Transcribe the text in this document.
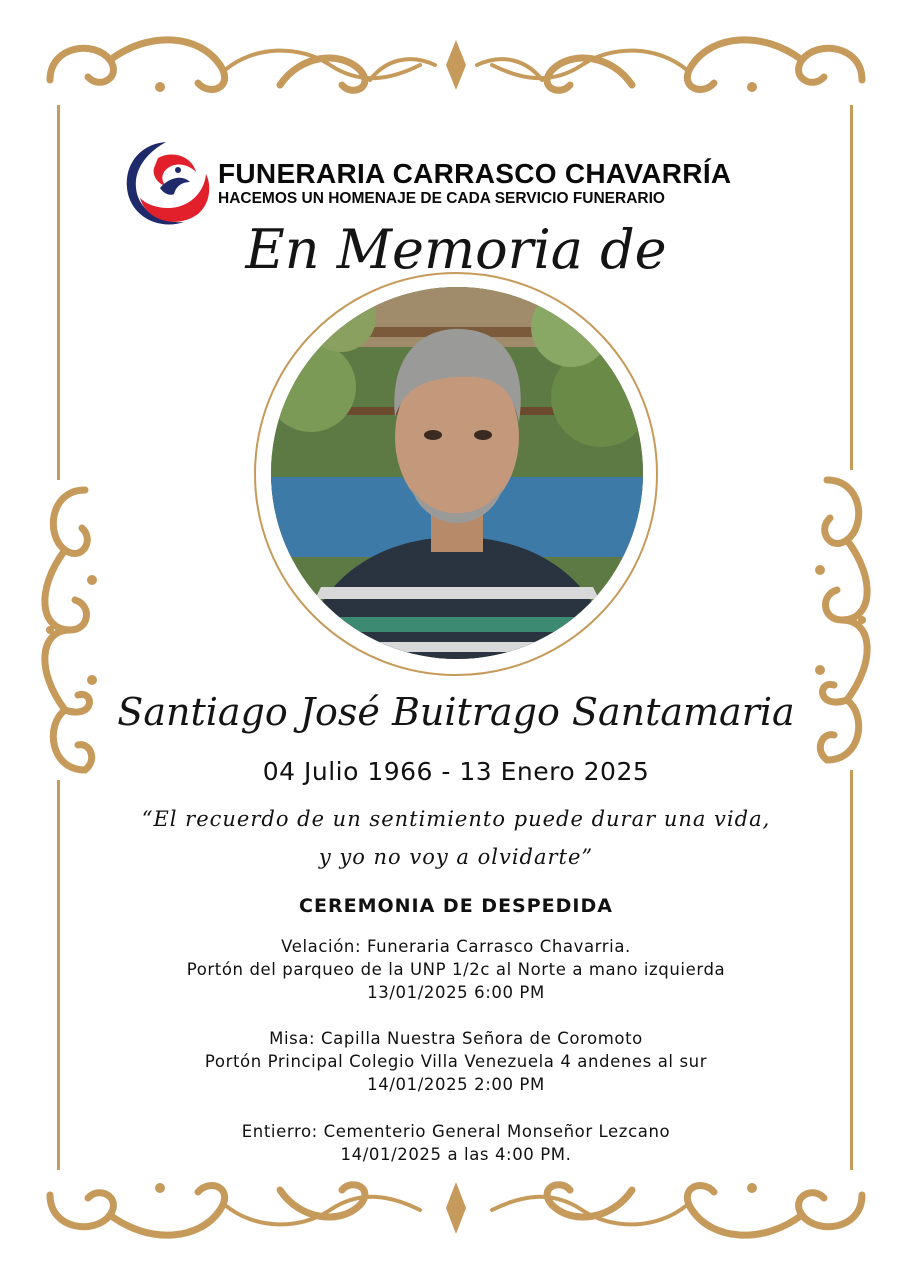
FUNERARIA CARRASCO CHAVARRÍA
HACEMOS UN HOMENAJE DE CADA SERVICIO FUNERARIO
En Memoria de
Santiago José Buitrago Santamaria
04 Julio 1966 - 13 Enero 2025
“El recuerdo de un sentimiento puede durar una vida,
y yo no voy a olvidarte”
CEREMONIA DE DESPEDIDA
Velación: Funeraria Carrasco Chavarria.
Portón del parqueo de la UNP 1/2c al Norte a mano izquierda
13/01/2025 6:00 PM
Misa: Capilla Nuestra Señora de Coromoto
Portón Principal Colegio Villa Venezuela 4 andenes al sur
14/01/2025 2:00 PM
Entierro: Cementerio General Monseñor Lezcano
14/01/2025 a las 4:00 PM.
